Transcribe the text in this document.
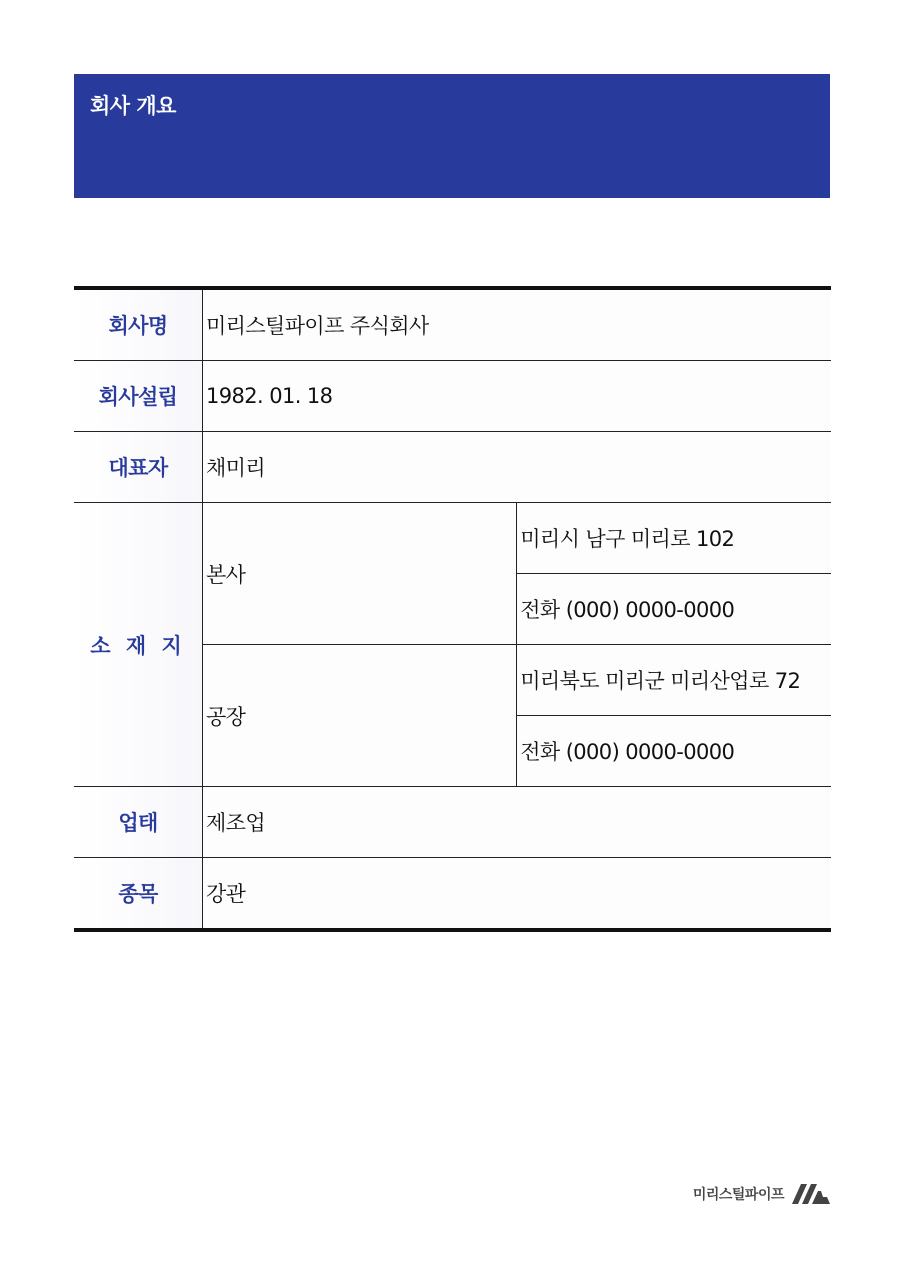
회사 개요
회사명	미리스틸파이프 주식회사	
회사설립	1982. 01. 18	
대표자	채미리	
소 재 지	본사	미리시 남구 미리로 102
		전화 (000) 0000-0000
	공장	미리북도 미리군 미리산업로 72
		전화 (000) 0000-0000
업태	제조업	
종목	강관	
미리스틸파이프
